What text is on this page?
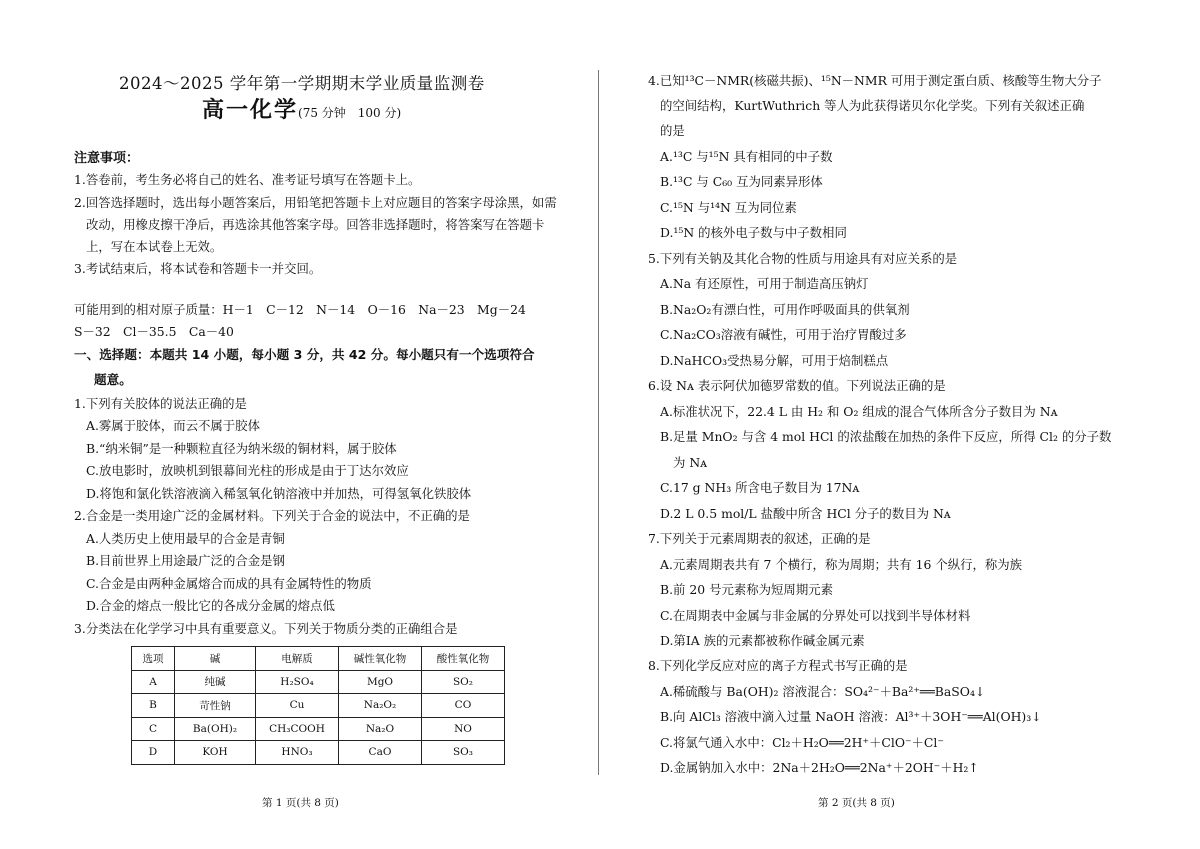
2024～2025 学年第一学期期末学业质量监测卷
高一化学(75 分钟　100 分)
注意事项：
1.答卷前，考生务必将自己的姓名、准考证号填写在答题卡上。
2.回答选择题时，选出每小题答案后，用铅笔把答题卡上对应题目的答案字母涂黑，如需
改动，用橡皮擦干净后，再选涂其他答案字母。回答非选择题时，将答案写在答题卡
上，写在本试卷上无效。
3.考试结束后，将本试卷和答题卡一并交回。
可能用到的相对原子质量：H－1　C－12　N－14　O－16　Na－23　Mg－24
S－32　Cl－35.5　Ca－40
一、选择题：本题共 14 小题，每小题 3 分，共 42 分。每小题只有一个选项符合
题意。
1.下列有关胶体的说法正确的是
A.雾属于胶体，而云不属于胶体
B.“纳米铜”是一种颗粒直径为纳米级的铜材料，属于胶体
C.放电影时，放映机到银幕间光柱的形成是由于丁达尔效应
D.将饱和氯化铁溶液滴入稀氢氧化钠溶液中并加热，可得氢氧化铁胶体
2.合金是一类用途广泛的金属材料。下列关于合金的说法中，不正确的是
A.人类历史上使用最早的合金是青铜
B.目前世界上用途最广泛的合金是钢
C.合金是由两种金属熔合而成的具有金属特性的物质
D.合金的熔点一般比它的各成分金属的熔点低
3.分类法在化学学习中具有重要意义。下列关于物质分类的正确组合是
选项	碱	电解质	碱性氧化物	酸性氧化物
A	纯碱	H₂SO₄	MgO	SO₂
B	苛性钠	Cu	Na₂O₂	CO
C	Ba(OH)₂	CH₃COOH	Na₂O	NO
D	KOH	HNO₃	CaO	SO₃
第 1 页(共 8 页)
4.已知¹³C－NMR(核磁共振)、¹⁵N－NMR 可用于测定蛋白质、核酸等生物大分子
的空间结构，KurtWuthrich 等人为此获得诺贝尔化学奖。下列有关叙述正确
的是
A.¹³C 与¹⁵N 具有相同的中子数
B.¹³C 与 C₆₀ 互为同素异形体
C.¹⁵N 与¹⁴N 互为同位素
D.¹⁵N 的核外电子数与中子数相同
5.下列有关钠及其化合物的性质与用途具有对应关系的是
A.Na 有还原性，可用于制造高压钠灯
B.Na₂O₂有漂白性，可用作呼吸面具的供氧剂
C.Na₂CO₃溶液有碱性，可用于治疗胃酸过多
D.NaHCO₃受热易分解，可用于焙制糕点
6.设 Nᴀ 表示阿伏加德罗常数的值。下列说法正确的是
A.标准状况下，22.4 L 由 H₂ 和 O₂ 组成的混合气体所含分子数目为 Nᴀ
B.足量 MnO₂ 与含 4 mol HCl 的浓盐酸在加热的条件下反应，所得 Cl₂ 的分子数
为 Nᴀ
C.17 g NH₃ 所含电子数目为 17Nᴀ
D.2 L 0.5 mol/L 盐酸中所含 HCl 分子的数目为 Nᴀ
7.下列关于元素周期表的叙述，正确的是
A.元素周期表共有 7 个横行，称为周期；共有 16 个纵行，称为族
B.前 20 号元素称为短周期元素
C.在周期表中金属与非金属的分界处可以找到半导体材料
D.第ⅠA 族的元素都被称作碱金属元素
8.下列化学反应对应的离子方程式书写正确的是
A.稀硫酸与 Ba(OH)₂ 溶液混合：SO₄²⁻＋Ba²⁺══BaSO₄↓
B.向 AlCl₃ 溶液中滴入过量 NaOH 溶液：Al³⁺＋3OH⁻══Al(OH)₃↓
C.将氯气通入水中：Cl₂＋H₂O══2H⁺＋ClO⁻＋Cl⁻
D.金属钠加入水中：2Na＋2H₂O══2Na⁺＋2OH⁻＋H₂↑
第 2 页(共 8 页)
